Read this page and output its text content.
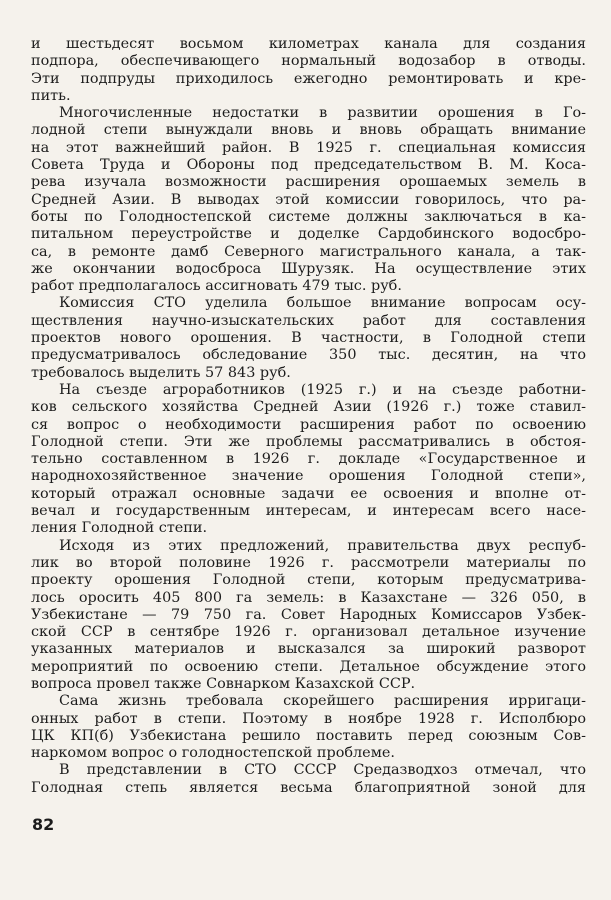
и шестьдесят восьмом километрах канала для создания
подпора, обеспечивающего нормальный водозабор в отводы.
Эти подпруды приходилось ежегодно ремонтировать и кре-
пить.
Многочисленные недостатки в развитии орошения в Го-
лодной степи вынуждали вновь и вновь обращать внимание
на этот важнейший район. В 1925 г. специальная комиссия
Совета Труда и Обороны под председательством В. М. Коса-
рева изучала возможности расширения орошаемых земель в
Средней Азии. В выводах этой комиссии говорилось, что ра-
боты по Голодностепской системе должны заключаться в ка-
питальном переустройстве и доделке Сардобинского водосбро-
са, в ремонте дамб Северного магистрального канала, а так-
же окончании водосброса Шурузяк. На осуществление этих
работ предполагалось ассигновать 479 тыс. руб.
Комиссия СТО уделила большое внимание вопросам осу-
ществления научно-изыскательских работ для составления
проектов нового орошения. В частности, в Голодной степи
предусматривалось обследование 350 тыс. десятин, на что
требовалось выделить 57 843 руб.
На съезде агроработников (1925 г.) и на съезде работни-
ков сельского хозяйства Средней Азии (1926 г.) тоже ставил-
ся вопрос о необходимости расширения работ по освоению
Голодной степи. Эти же проблемы рассматривались в обстоя-
тельно составленном в 1926 г. докладе «Государственное и
народнохозяйственное значение орошения Голодной степи»,
который отражал основные задачи ее освоения и вполне от-
вечал и государственным интересам, и интересам всего насе-
ления Голодной степи.
Исходя из этих предложений, правительства двух респуб-
лик во второй половине 1926 г. рассмотрели материалы по
проекту орошения Голодной степи, которым предусматрива-
лось оросить 405 800 га земель: в Казахстане — 326 050, в
Узбекистане — 79 750 га. Совет Народных Комиссаров Узбек-
ской ССР в сентябре 1926 г. организовал детальное изучение
указанных материалов и высказался за широкий разворот
мероприятий по освоению степи. Детальное обсуждение этого
вопроса провел также Совнарком Казахской ССР.
Сама жизнь требовала скорейшего расширения ирригаци-
онных работ в степи. Поэтому в ноябре 1928 г. Исполбюро
ЦК КП(б) Узбекистана решило поставить перед союзным Сов-
наркомом вопрос о голодностепской проблеме.
В представлении в СТО СССР Средазводхоз отмечал, что
Голодная степь является весьма благоприятной зоной для
82
